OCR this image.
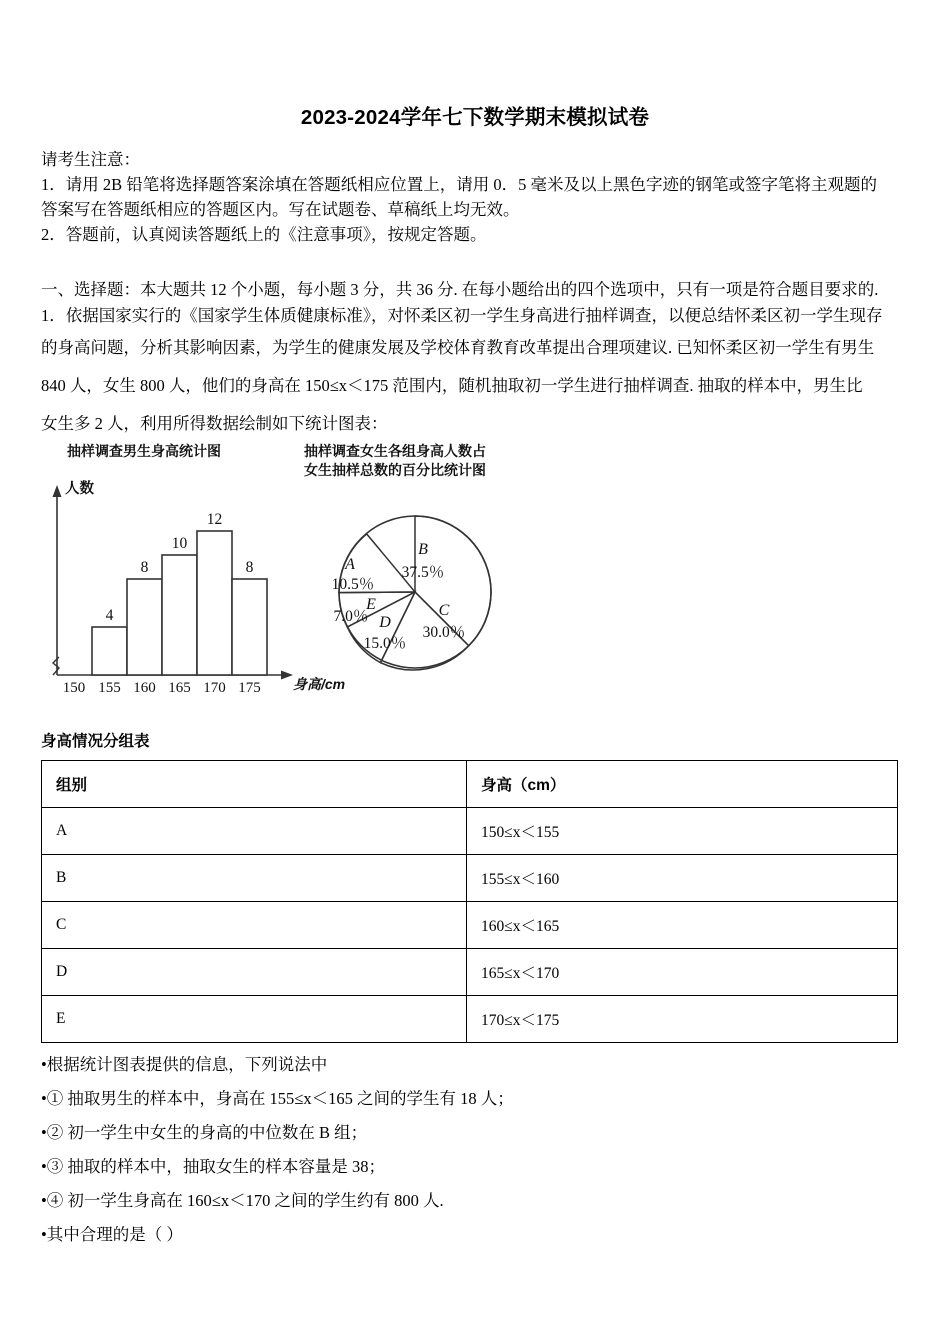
2023-2024学年七下数学期末模拟试卷
请考生注意：
1．请用 2B 铅笔将选择题答案涂填在答题纸相应位置上，请用 0．5 毫米及以上黑色字迹的钢笔或签字笔将主观题的
答案写在答题纸相应的答题区内。写在试题卷、草稿纸上均无效。
2．答题前，认真阅读答题纸上的《注意事项》，按规定答题。
一、选择题：本大题共 12 个小题，每小题 3 分，共 36 分. 在每小题给出的四个选项中，只有一项是符合题目要求的.
1．依据国家实行的《国家学生体质健康标准》，对怀柔区初一学生身高进行抽样调查，以便总结怀柔区初一学生现存
的身高问题，分析其影响因素，为学生的健康发展及学校体育教育改革提出合理项建议. 已知怀柔区初一学生有男生
840 人，女生 800 人，他们的身高在 150≤x＜175 范围内，随机抽取初一学生进行抽样调查. 抽取的样本中，男生比
女生多 2 人，利用所得数据绘制如下统计图表：
抽样调查男生身高统计图	抽样调查女生各组身高人数占
女生抽样总数的百分比统计图
人数
身高/cm
4
8
10
12
8
150 155 160 165 170 175
B
37.5％
C
30.0％
D
15.0％
A
10.5％
E
7.0％
身高情况分组表
组别	身高（cm）
A	150≤x＜155
B	155≤x＜160
C	160≤x＜165
D	165≤x＜170
E	170≤x＜175
•根据统计图表提供的信息，下列说法中
•① 抽取男生的样本中，身高在 155≤x＜165 之间的学生有 18 人；
•② 初一学生中女生的身高的中位数在 B 组；
•③ 抽取的样本中，抽取女生的样本容量是 38；
•④ 初一学生身高在 160≤x＜170 之间的学生约有 800 人.
•其中合理的是（ ）
